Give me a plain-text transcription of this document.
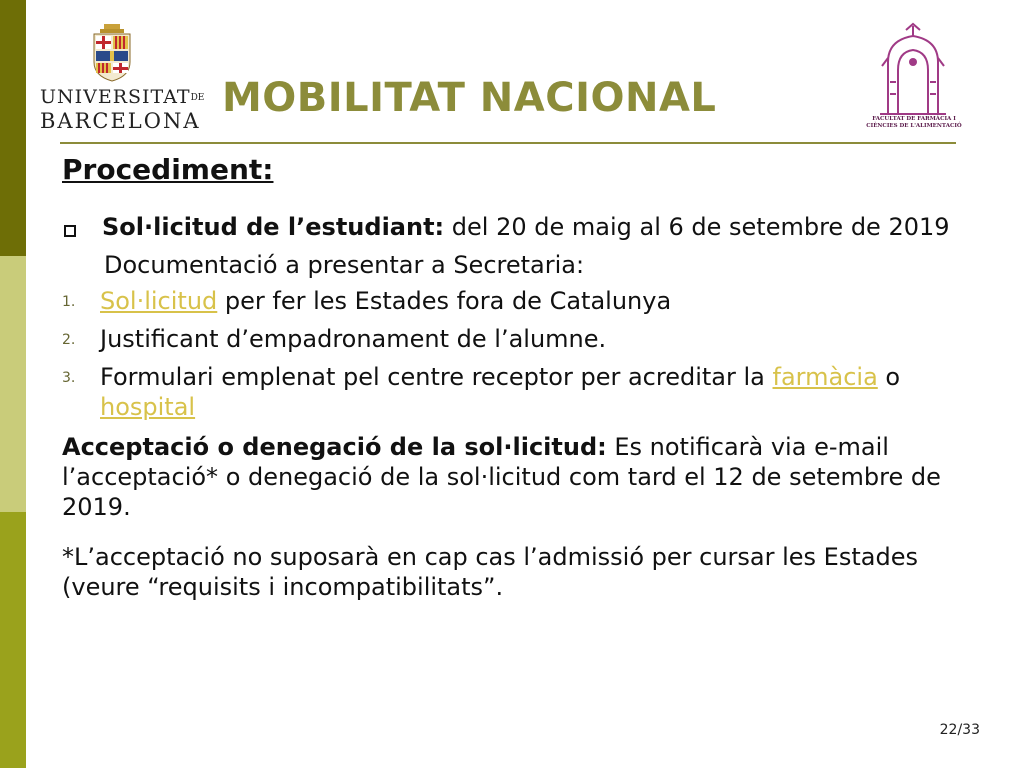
UNIVERSITATDE
BARCELONA MOBILITAT NACIONAL	FACULTAT DE FARMÀCIA I
CIÈNCIES DE L'ALIMENTACIÓ
Procediment:
Sol·licitud de l’estudiant: del 20 de maig al 6 de setembre de 2019
Documentació a presentar a Secretaria:
1. Sol·licitud per fer les Estades fora de Catalunya
2. Justificant d’empadronament de l’alumne.
3. Formulari emplenat pel centre receptor per acreditar la farmàcia o hospital
Acceptació o denegació de la sol·licitud: Es notificarà via e-mail l’acceptació* o denegació de la sol·licitud com tard el 12 de setembre de 2019.
*L’acceptació no suposarà en cap cas l’admissió per cursar les Estades (veure “requisits i incompatibilitats”.
22/33
